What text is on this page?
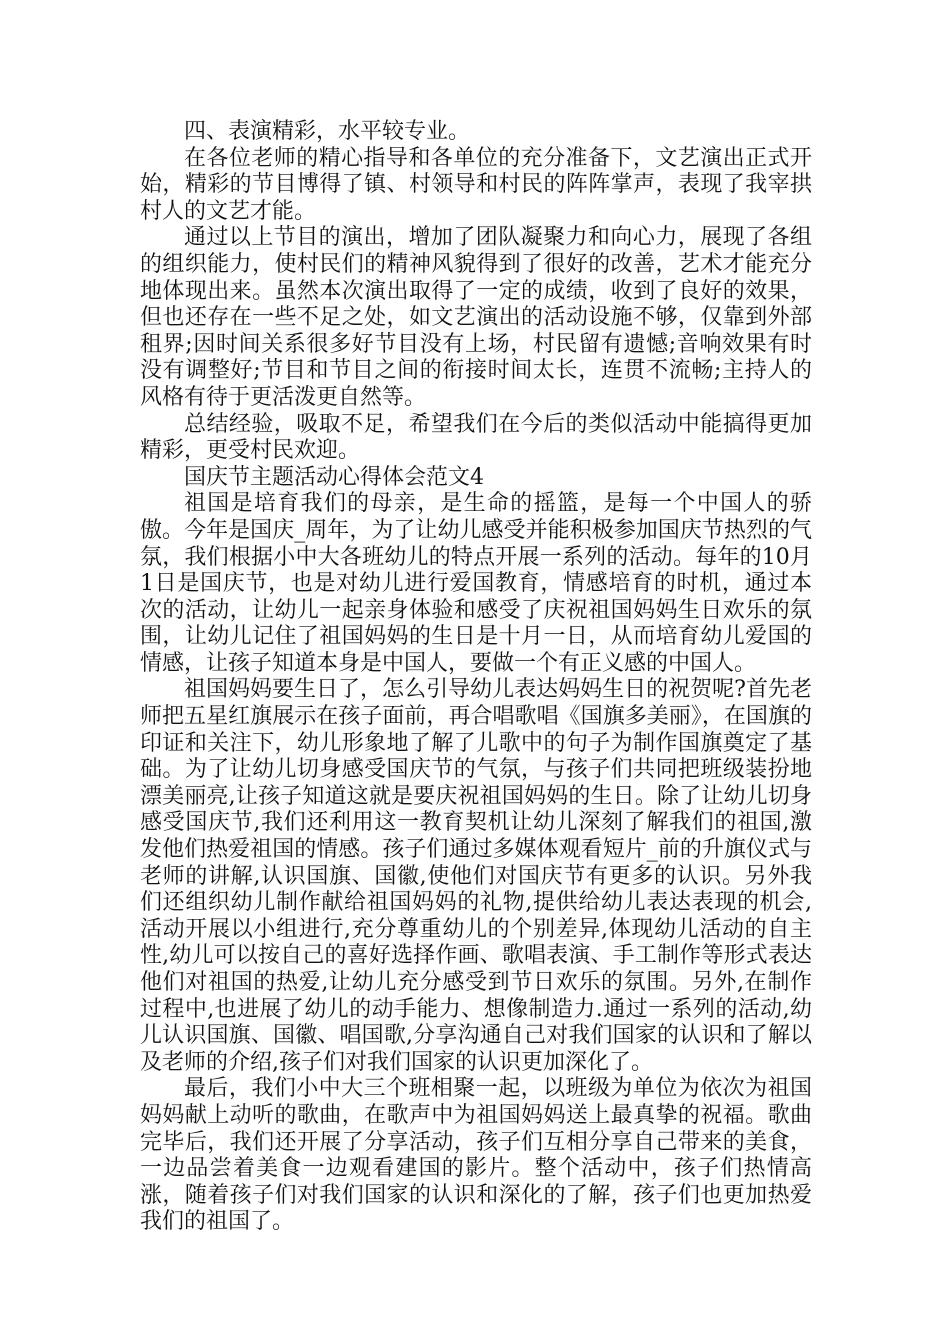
四、表演精彩，水平较专业。

在各位老师的精心指导和各单位的充分准备下，文艺演出正式开始，精彩的节目博得了镇、村领导和村民的阵阵掌声，表现了我宰拱村人的文艺才能。

通过以上节目的演出，增加了团队凝聚力和向心力，展现了各组的组织能力，使村民们的精神风貌得到了很好的改善，艺术才能充分地体现出来。虽然本次演出取得了一定的成绩，收到了良好的效果，但也还存在一些不足之处，如文艺演出的活动设施不够，仅靠到外部租界;因时间关系很多好节目没有上场，村民留有遗憾;音响效果有时没有调整好;节目和节目之间的衔接时间太长，连贯不流畅;主持人的风格有待于更活泼更自然等。

总结经验，吸取不足，希望我们在今后的类似活动中能搞得更加精彩，更受村民欢迎。

国庆节主题活动心得体会范文4

祖国是培育我们的母亲，是生命的摇篮，是每一个中国人的骄傲。今年是国庆_周年，为了让幼儿感受并能积极参加国庆节热烈的气氛，我们根据小中大各班幼儿的特点开展一系列的活动。每年的10月1日是国庆节，也是对幼儿进行爱国教育，情感培育的时机，通过本次的活动，让幼儿一起亲身体验和感受了庆祝祖国妈妈生日欢乐的氛围，让幼儿记住了祖国妈妈的生日是十月一日，从而培育幼儿爱国的情感，让孩子知道本身是中国人，要做一个有正义感的中国人。

祖国妈妈要生日了，怎么引导幼儿表达妈妈生日的祝贺呢?首先老师把五星红旗展示在孩子面前，再合唱歌唱《国旗多美丽》，在国旗的印证和关注下，幼儿形象地了解了儿歌中的句子为制作国旗奠定了基础。为了让幼儿切身感受国庆节的气氛，与孩子们共同把班级装扮地漂美丽亮,让孩子知道这就是要庆祝祖国妈妈的生日。除了让幼儿切身感受国庆节,我们还利用这一教育契机让幼儿深刻了解我们的祖国,激发他们热爱祖国的情感。孩子们通过多媒体观看短片_前的升旗仪式与老师的讲解,认识国旗、国徽,使他们对国庆节有更多的认识。另外我们还组织幼儿制作献给祖国妈妈的礼物,提供给幼儿表达表现的机会,活动开展以小组进行,充分尊重幼儿的个别差异,体现幼儿活动的自主性,幼儿可以按自己的喜好选择作画、歌唱表演、手工制作等形式表达他们对祖国的热爱,让幼儿充分感受到节日欢乐的氛围。另外,在制作过程中,也进展了幼儿的动手能力、想像制造力.通过一系列的活动,幼儿认识国旗、国徽、唱国歌,分享沟通自己对我们国家的认识和了解以及老师的介绍,孩子们对我们国家的认识更加深化了。

最后，我们小中大三个班相聚一起，以班级为单位为依次为祖国妈妈献上动听的歌曲，在歌声中为祖国妈妈送上最真挚的祝福。歌曲完毕后，我们还开展了分享活动，孩子们互相分享自己带来的美食，一边品尝着美食一边观看建国的影片。整个活动中，孩子们热情高涨，随着孩子们对我们国家的认识和深化的了解，孩子们也更加热爱我们的祖国了。
